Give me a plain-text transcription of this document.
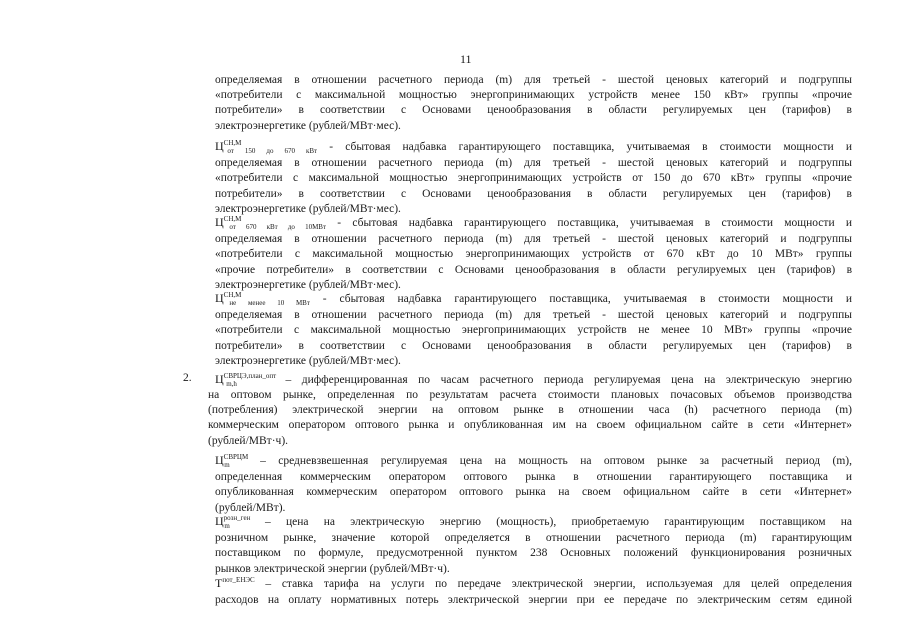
11
определяемая в отношении расчетного периода (m) для третьей - шестой ценовых категорий и подгруппы
«потребители с максимальной мощностью энергопринимающих устройств менее 150 кВт» группы «прочие
потребители» в соответствии с Основами ценообразования в области регулируемых цен (тарифов) в
электроэнергетике (рублей/МВт·мес).
$Ц^{СН,М}_{от 150 до 670 кВт}$ - сбытовая надбавка гарантирующего поставщика, учитываемая в стоимости мощности и
определяемая в отношении расчетного периода (m) для третьей - шестой ценовых категорий и подгруппы
«потребители с максимальной мощностью энергопринимающих устройств от 150 до 670 кВт» группы «прочие
потребители» в соответствии с Основами ценообразования в области регулируемых цен (тарифов) в
электроэнергетике (рублей/МВт·мес).
$Ц^{СН,М}_{от 670 кВт до 10МВт}$ - сбытовая надбавка гарантирующего поставщика, учитываемая в стоимости мощности и
определяемая в отношении расчетного периода (m) для третьей - шестой ценовых категорий и подгруппы
«потребители с максимальной мощностью энергопринимающих устройств от 670 кВт до 10 МВт» группы
«прочие потребители» в соответствии с Основами ценообразования в области регулируемых цен (тарифов) в
электроэнергетике (рублей/МВт·мес).
$Ц^{СН,М}_{не менее 10 МВт}$ - сбытовая надбавка гарантирующего поставщика, учитываемая в стоимости мощности и
определяемая в отношении расчетного периода (m) для третьей - шестой ценовых категорий и подгруппы
«потребители с максимальной мощностью энергопринимающих устройств не менее 10 МВт» группы «прочие
потребители» в соответствии с Основами ценообразования в области регулируемых цен (тарифов) в
электроэнергетике (рублей/МВт·мес).
2. $Ц^{СВРЦЭ,план\_опт}_{m,h}$	– дифференцированная по часам расчетного периода регулируемая цена на электрическую энергию
на оптовом рынке, определенная по результатам расчета стоимости плановых почасовых объемов производства
(потребления) электрической энергии на оптовом рынке в отношении часа (h) расчетного периода (m)
коммерческим оператором оптового рынка и опубликованная им на своем официальном сайте в сети «Интернет»
(рублей/МВт·ч).
$Ц^{СВРЦМ}_m$ – средневзвешенная регулируемая цена на мощность на оптовом рынке за расчетный период (m),
определенная коммерческим оператором оптового рынка в отношении гарантирующего поставщика и
опубликованная коммерческим оператором оптового рынка на своем официальном сайте в сети «Интернет»
(рублей/МВт).
$Ц^{розн\_ген}_m$ – цена на электрическую энергию (мощность), приобретаемую гарантирующим поставщиком на
розничном рынке, значение которой определяется в отношении расчетного периода (m) гарантирующим
поставщиком по формуле, предусмотренной пунктом 238 Основных положений функционирования розничных
рынков электрической энергии (рублей/МВт·ч).
$Т^{пот\_ЕНЭС}$ – ставка тарифа на услуги по передаче электрической энергии, используемая для целей определения
расходов на оплату нормативных потерь электрической энергии при ее передаче по электрическим сетям единой
